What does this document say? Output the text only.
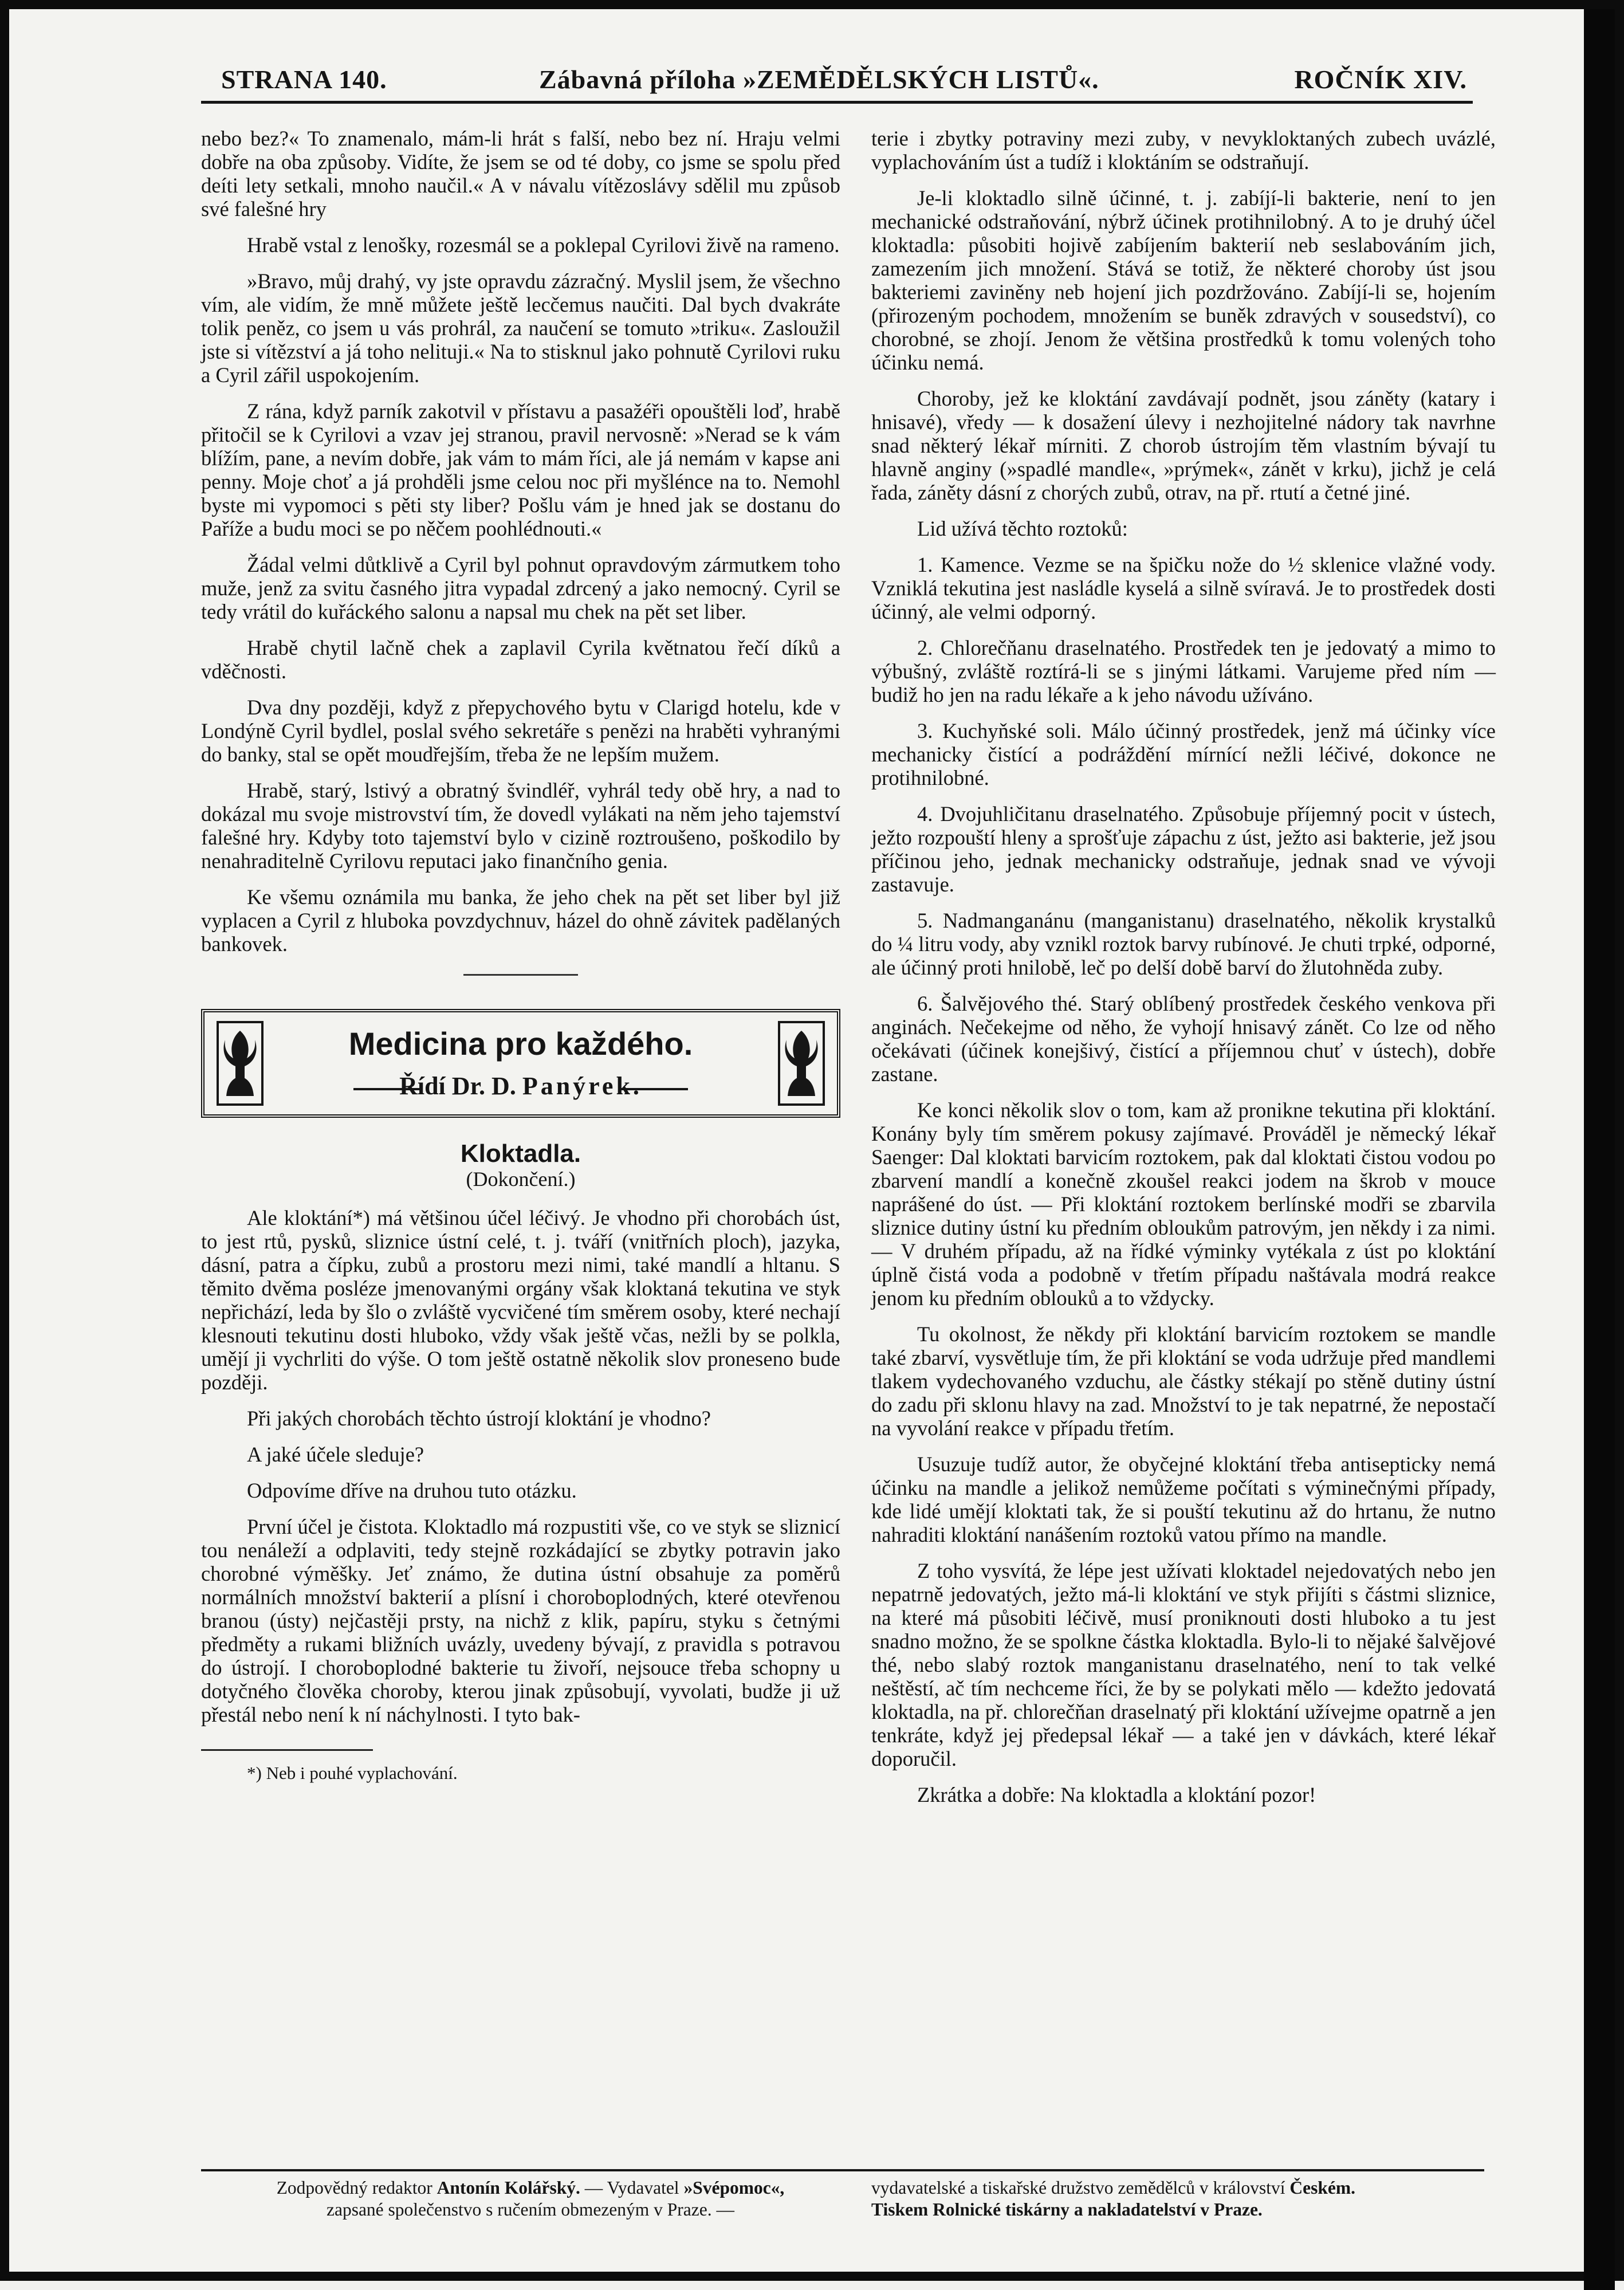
STRANA 140.	Zábavná příloha »ZEMĚDĚLSKÝCH LISTŮ«.	ROČNÍK XIV.

nebo bez?« To znamenalo, mám-li hrát s falší, nebo bez ní. Hraju velmi dobře na oba způsoby. Vidíte, že jsem se od té doby, co jsme se spolu před deíti lety setkali, mnoho naučil.« A v návalu vítězoslávy sdělil mu způsob své falešné hry

Hrabě vstal z lenošky, rozesmál se a poklepal Cyrilovi živě na rameno.

»Bravo, můj drahý, vy jste opravdu zázračný. Myslil jsem, že všechno vím, ale vidím, že mně můžete ještě lecčemus naučiti. Dal bych dvakráte tolik peněz, co jsem u vás prohrál, za naučení se tomuto »triku«. Zasloužil jste si vítězství a já toho nelituji.« Na to stisknul jako pohnutě Cyrilovi ruku a Cyril zářil uspokojením.

Z rána, když parník zakotvil v přístavu a pasažéři opouštěli loď, hrabě přitočil se k Cyrilovi a vzav jej stranou, pravil nervosně: »Nerad se k vám blížím, pane, a nevím dobře, jak vám to mám říci, ale já nemám v kapse ani penny. Moje choť a já prohděli jsme celou noc při myšlénce na to. Nemohl byste mi vypomoci s pěti sty liber? Pošlu vám je hned jak se dostanu do Paříže a budu moci se po něčem poohlédnouti.«

Žádal velmi důtklivě a Cyril byl pohnut opravdovým zármutkem toho muže, jenž za svitu časného jitra vypadal zdrcený a jako nemocný. Cyril se tedy vrátil do kuřáckého salonu a napsal mu chek na pět set liber.

Hrabě chytil lačně chek a zaplavil Cyrila květnatou řečí díků a vděčnosti.

Dva dny později, když z přepychového bytu v Clarigd hotelu, kde v Londýně Cyril bydlel, poslal svého sekretáře s penězi na hraběti vyhranými do banky, stal se opět moudřejším, třeba že ne lepším mužem.

Hrabě, starý, lstivý a obratný švindléř, vyhrál tedy obě hry, a nad to dokázal mu svoje mistrovství tím, že dovedl vylákati na něm jeho tajemství falešné hry. Kdyby toto tajemství bylo v cizině roztroušeno, poškodilo by nenahraditelně Cyrilovu reputaci jako finančního genia.

Ke všemu oznámila mu banka, že jeho chek na pět set liber byl již vyplacen a Cyril z hluboka povzdychnuv, házel do ohně závitek padělaných bankovek.

Medicina pro každého.
Řídí Dr. D. Panýrek.
Kloktadla.
(Dokončení.)

Ale kloktání*) má většinou účel léčivý. Je vhodno při chorobách úst, to jest rtů, pysků, sliznice ústní celé, t. j. tváří (vnitřních ploch), jazyka, dásní, patra a čípku, zubů a prostoru mezi nimi, také mandlí a hltanu. S těmito dvěma posléze jmenovanými orgány však kloktaná tekutina ve styk nepřichází, leda by šlo o zvláště vycvičené tím směrem osoby, které nechají klesnouti tekutinu dosti hluboko, vždy však ještě včas, nežli by se polkla, umějí ji vychrliti do výše. O tom ještě ostatně několik slov proneseno bude později.

Při jakých chorobách těchto ústrojí kloktání je vhodno?

A jaké účele sleduje?

Odpovíme dříve na druhou tuto otázku.

První účel je čistota. Kloktadlo má rozpustiti vše, co ve styk se sliznicí tou nenáleží a odplaviti, tedy stejně rozkádající se zbytky potravin jako chorobné výměšky. Jeť známo, že dutina ústní obsahuje za poměrů normálních množství bakterií a plísní i choroboplodných, které otevřenou branou (ústy) nejčastěji prsty, na nichž z klik, papíru, styku s četnými předměty a rukami bližních uvázly, uvedeny bývají, z pravidla s potravou do ústrojí. I choroboplodné bakterie tu živoří, nejsouce třeba schopny u dotyčného člověka choroby, kterou jinak způsobují, vyvolati, budže ji už přestál nebo není k ní náchylnosti. I tyto bak-

*) Neb i pouhé vyplachování.

terie i zbytky potraviny mezi zuby, v nevykloktaných zubech uvázlé, vyplachováním úst a tudíž i kloktáním se odstraňují.

Je-li kloktadlo silně účinné, t. j. zabíjí-li bakterie, není to jen mechanické odstraňování, nýbrž účinek protihnilobný. A to je druhý účel kloktadla: působiti hojivě zabíjením bakterií neb seslabováním jich, zamezením jich množení. Stává se totiž, že některé choroby úst jsou bakteriemi zaviněny neb hojení jich pozdržováno. Zabíjí-li se, hojením (přirozeným pochodem, množením se buněk zdravých v sousedství), co chorobné, se zhojí. Jenom že většina prostředků k tomu volených toho účinku nemá.

Choroby, jež ke kloktání zavdávají podnět, jsou záněty (katary i hnisavé), vředy — k dosažení úlevy i nezhojitelné nádory tak navrhne snad některý lékař mírniti. Z chorob ústrojím těm vlastním bývají tu hlavně anginy (»spadlé mandle«, »prýmek«, zánět v krku), jichž je celá řada, záněty dásní z chorých zubů, otrav, na př. rtutí a četné jiné.

Lid užívá těchto roztoků:

1. Kamence. Vezme se na špičku nože do ½ sklenice vlažné vody. Vzniklá tekutina jest nasládle kyselá a silně svíravá. Je to prostředek dosti účinný, ale velmi odporný.

2. Chlorečňanu draselnatého. Prostředek ten je jedovatý a mimo to výbušný, zvláště roztírá-li se s jinými látkami. Varujeme před ním — budiž ho jen na radu lékaře a k jeho návodu užíváno.

3. Kuchyňské soli. Málo účinný prostředek, jenž má účinky více mechanicky čistící a podráždění mírnící nežli léčivé, dokonce ne protihnilobné.

4. Dvojuhličitanu draselnatého. Způsobuje příjemný pocit v ústech, ježto rozpouští hleny a sprošťuje zápachu z úst, ježto asi bakterie, jež jsou příčinou jeho, jednak mechanicky odstraňuje, jednak snad ve vývoji zastavuje.

5. Nadmanganánu (manganistanu) draselnatého, několik krystalků do ¼ litru vody, aby vznikl roztok barvy rubínové. Je chuti trpké, odporné, ale účinný proti hnilobě, leč po delší době barví do žlutohněda zuby.

6. Šalvějového thé. Starý oblíbený prostředek českého venkova při anginách. Nečekejme od něho, že vyhojí hnisavý zánět. Co lze od něho očekávati (účinek konejšivý, čistící a příjemnou chuť v ústech), dobře zastane.

Ke konci několik slov o tom, kam až pronikne tekutina při kloktání. Konány byly tím směrem pokusy zajímavé. Prováděl je německý lékař Saenger: Dal kloktati barvicím roztokem, pak dal kloktati čistou vodou po zbarvení mandlí a konečně zkoušel reakci jodem na škrob v mouce naprášené do úst. — Při kloktání roztokem berlínské modři se zbarvila sliznice dutiny ústní ku předním obloukům patrovým, jen někdy i za nimi. — V druhém případu, až na řídké výminky vytékala z úst po kloktání úplně čistá voda a podobně v třetím případu naštávala modrá reakce jenom ku předním oblouků a to vždycky.

Tu okolnost, že někdy při kloktání barvicím roztokem se mandle také zbarví, vysvětluje tím, že při kloktání se voda udržuje před mandlemi tlakem vydechovaného vzduchu, ale částky stékají po stěně dutiny ústní do zadu při sklonu hlavy na zad. Množství to je tak nepatrné, že nepostačí na vyvolání reakce v případu třetím.

Usuzuje tudíž autor, že obyčejné kloktání třeba antisepticky nemá účinku na mandle a jelikož nemůžeme počítati s výminečnými případy, kde lidé umějí kloktati tak, že si pouští tekutinu až do hrtanu, že nutno nahraditi kloktání nanášením roztoků vatou přímo na mandle.

Z toho vysvítá, že lépe jest užívati kloktadel nejedovatých nebo jen nepatrně jedovatých, ježto má-li kloktání ve styk přijíti s částmi sliznice, na které má působiti léčivě, musí proniknouti dosti hluboko a tu jest snadno možno, že se spolkne částka kloktadla. Bylo-li to nějaké šalvějové thé, nebo slabý roztok manganistanu draselnatého, není to tak velké neštěstí, ač tím nechceme říci, že by se polykati mělo — kdežto jedovatá kloktadla, na př. chlorečňan draselnatý při kloktání užívejme opatrně a jen tenkráte, když jej předepsal lékař — a také jen v dávkách, které lékař doporučil.

Zkrátka a dobře: Na kloktadla a kloktání pozor!

Zodpovědný redaktor Antonín Kolářský. — Vydavatel »Svépomoc«,
zapsané společenstvo s ručením obmezeným v Praze. —
vydavatelské a tiskařské družstvo zemědělců v království Českém.
Tiskem Rolnické tiskárny a nakladatelství v Praze.
